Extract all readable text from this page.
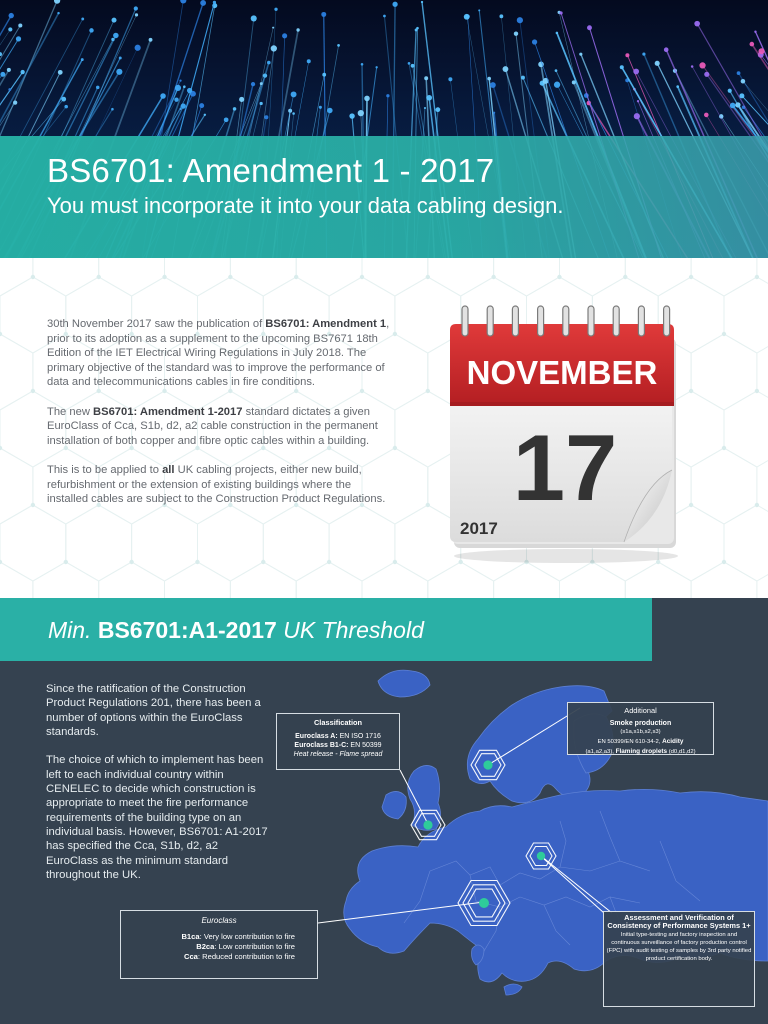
BS6701: Amendment 1 - 2017
You must incorporate it into your data cabling design.

30th November 2017 saw the publication of BS6701: Amendment 1, prior to its adoption as a supplement to the upcoming BS7671 18th Edition of the IET Electrical Wiring Regulations in July 2018. The primary objective of the standard was to improve the performance of data and telecommunications cables in fire conditions.

The new BS6701: Amendment 1-2017 standard dictates a given EuroClass of Cca, S1b, d2, a2 cable construction in the permanent installation of both copper and fibre optic cables within a building.

This is to be applied to all UK cabling projects, either new build, refurbishment or the extension of existing buildings where the installed cables are subject to the Construction Product Regulations.

NOVEMBER
17
2017
Min. BS6701:A1-2017 UK Threshold

Since the ratification of the Construction Product Regulations 201, there has been a number of options within the EuroClass standards.

The choice of which to implement has been left to each individual country within CENELEC to decide which construction is appropriate to meet the fire performance requirements of the building type on an individual basis. However, BS6701: A1-2017 has specified the Cca, S1b, d2, a2 EuroClass as the minimum standard throughout the UK.

Classification
Euroclass A: EN ISO 1716
Euroclass B1-C: EN 50399
Heat release - Flame spread
Additional
Smoke production
(s1a,s1b,s2,s3)
EN 50399/EN 610-34-2, Acidity
(a1,a2,a3), Flaming droplets (d0,d1,d2)
Euroclass
B1ca: Very low contribution to fire
B2ca: Low contribution to fire
Cca: Reduced contribution to fire
Assessment and Verification of Consistency of Performance Systems 1+
Initial type-testing and factory inspection and
continuous surveillance of factory production control (FPC) with audit testing of samples by 3rd party notified product certification body.
